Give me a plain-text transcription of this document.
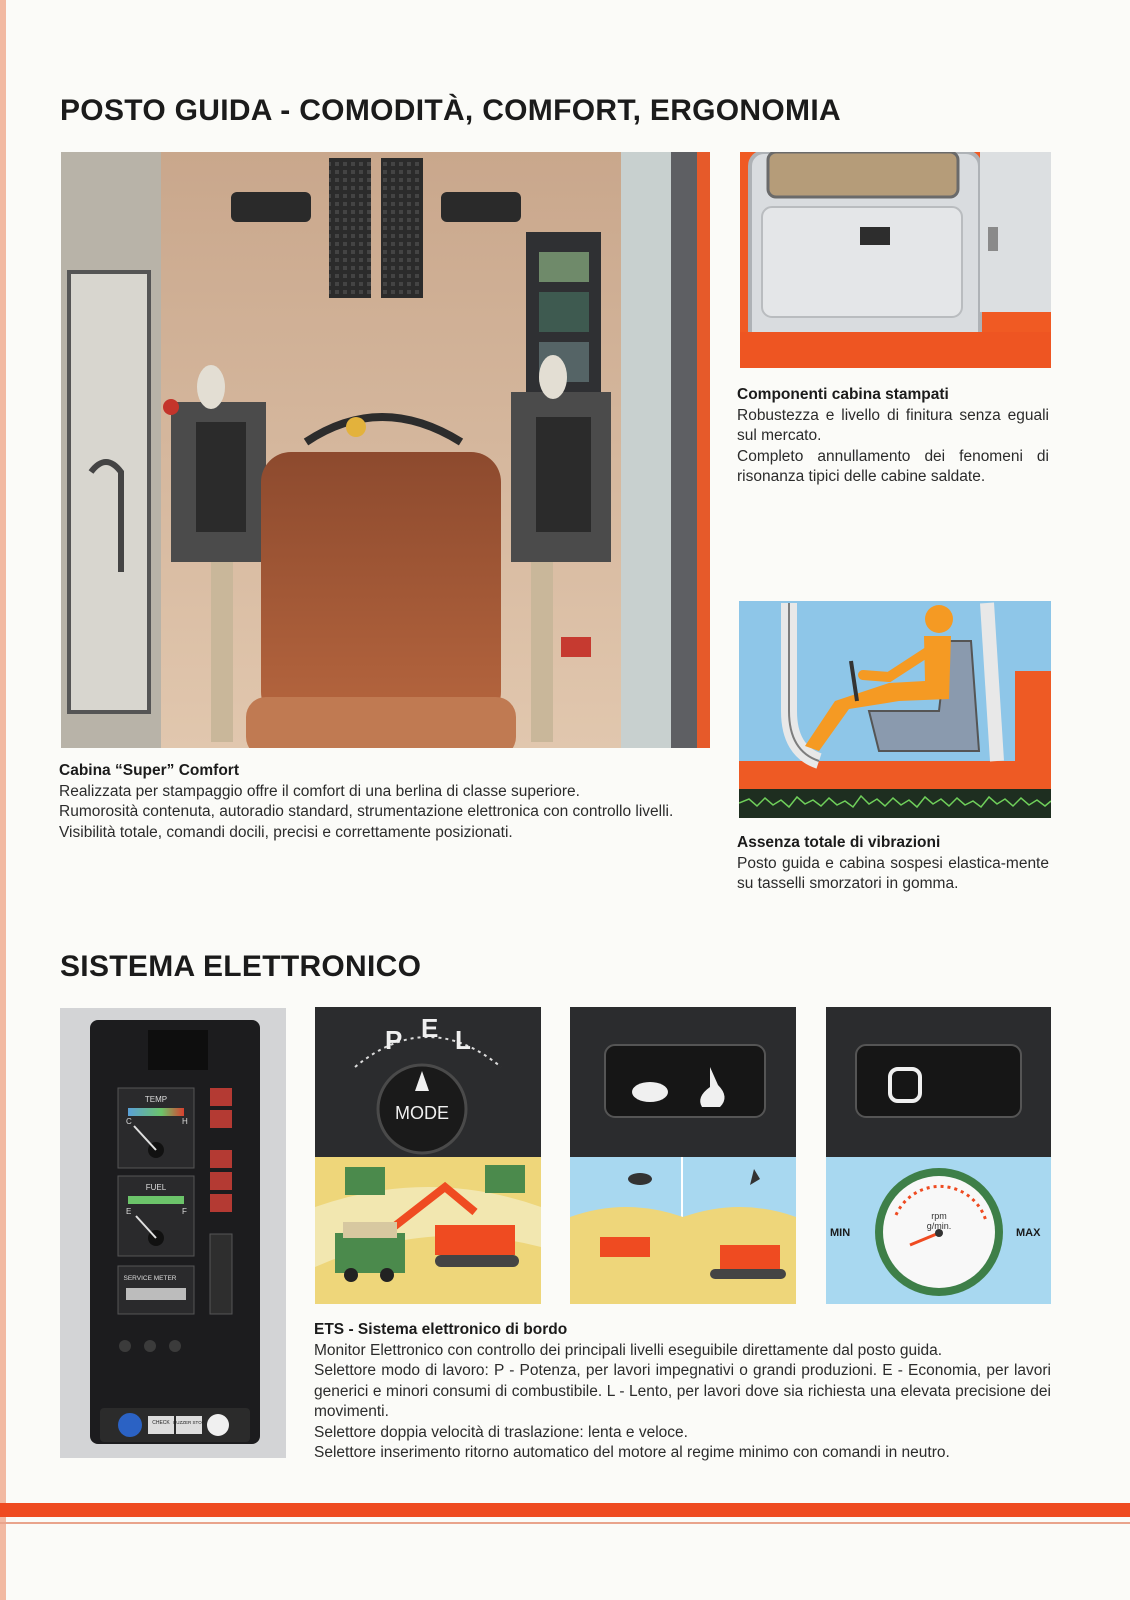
POSTO GUIDA - COMODITÀ, COMFORT, ERGONOMIA
Cabina “Super” Comfort
Realizzata per stampaggio offre il comfort di una berlina di classe superiore.
Rumorosità contenuta, autoradio standard, strumentazione elettronica con controllo livelli.
Visibilità totale, comandi docili, precisi e correttamente posizionati.
Componenti cabina stampati
Robustezza e livello di finitura senza eguali sul mercato.
Completo annullamento dei fenomeni di risonanza tipici delle cabine saldate.
Assenza totale di vibrazioni
Posto guida e cabina sospesi elastica-mente su tasselli smorzatori in gomma.
SISTEMA ELETTRONICO
TEMP
C	H
FUEL
E	F
SERVICE METER
CHECK BUZZER STOP
P E L
MODE
rpm
g/min.
MIN	MAX
ETS - Sistema elettronico di bordo
Monitor Elettronico con controllo dei principali livelli eseguibile direttamente dal posto guida.
Selettore modo di lavoro: P - Potenza, per lavori impegnativi o grandi produzioni. E - Economia, per lavori generici e minori consumi di combustibile. L - Lento, per lavori dove sia richiesta una elevata precisione dei movimenti.
Selettore doppia velocità di traslazione: lenta e veloce.
Selettore inserimento ritorno automatico del motore al regime minimo con comandi in neutro.
